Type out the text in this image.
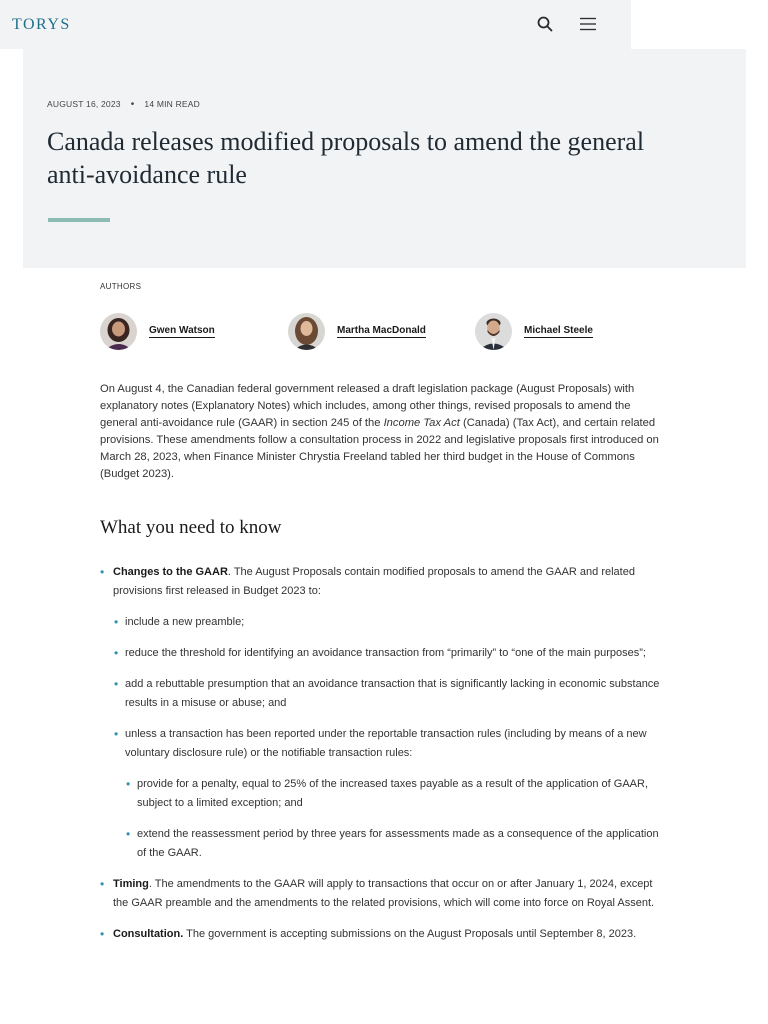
TORYS
AUGUST 16, 2023 • 14 MIN READ
Canada releases modified proposals to amend the general anti-avoidance rule
AUTHORS
Gwen Watson	Martha MacDonald	Michael Steele

On August 4, the Canadian federal government released a draft legislation package (August Proposals) with explanatory notes (Explanatory Notes) which includes, among other things, revised proposals to amend the general anti-avoidance rule (GAAR) in section 245 of the Income Tax Act (Canada) (Tax Act), and certain related provisions. These amendments follow a consultation process in 2022 and legislative proposals first introduced on March 28, 2023, when Finance Minister Chrystia Freeland tabled her third budget in the House of Commons (Budget 2023).

What you need to know
• Changes to the GAAR. The August Proposals contain modified proposals to amend the GAAR and related provisions first released in Budget 2023 to:
• include a new preamble;
• reduce the threshold for identifying an avoidance transaction from “primarily” to “one of the main purposes”;
• add a rebuttable presumption that an avoidance transaction that is significantly lacking in economic substance results in a misuse or abuse; and
• unless a transaction has been reported under the reportable transaction rules (including by means of a new voluntary disclosure rule) or the notifiable transaction rules:
• provide for a penalty, equal to 25% of the increased taxes payable as a result of the application of GAAR, subject to a limited exception; and
• extend the reassessment period by three years for assessments made as a consequence of the application of the GAAR.
• Timing. The amendments to the GAAR will apply to transactions that occur on or after January 1, 2024, except the GAAR preamble and the amendments to the related provisions, which will come into force on Royal Assent.
• Consultation. The government is accepting submissions on the August Proposals until September 8, 2023.
